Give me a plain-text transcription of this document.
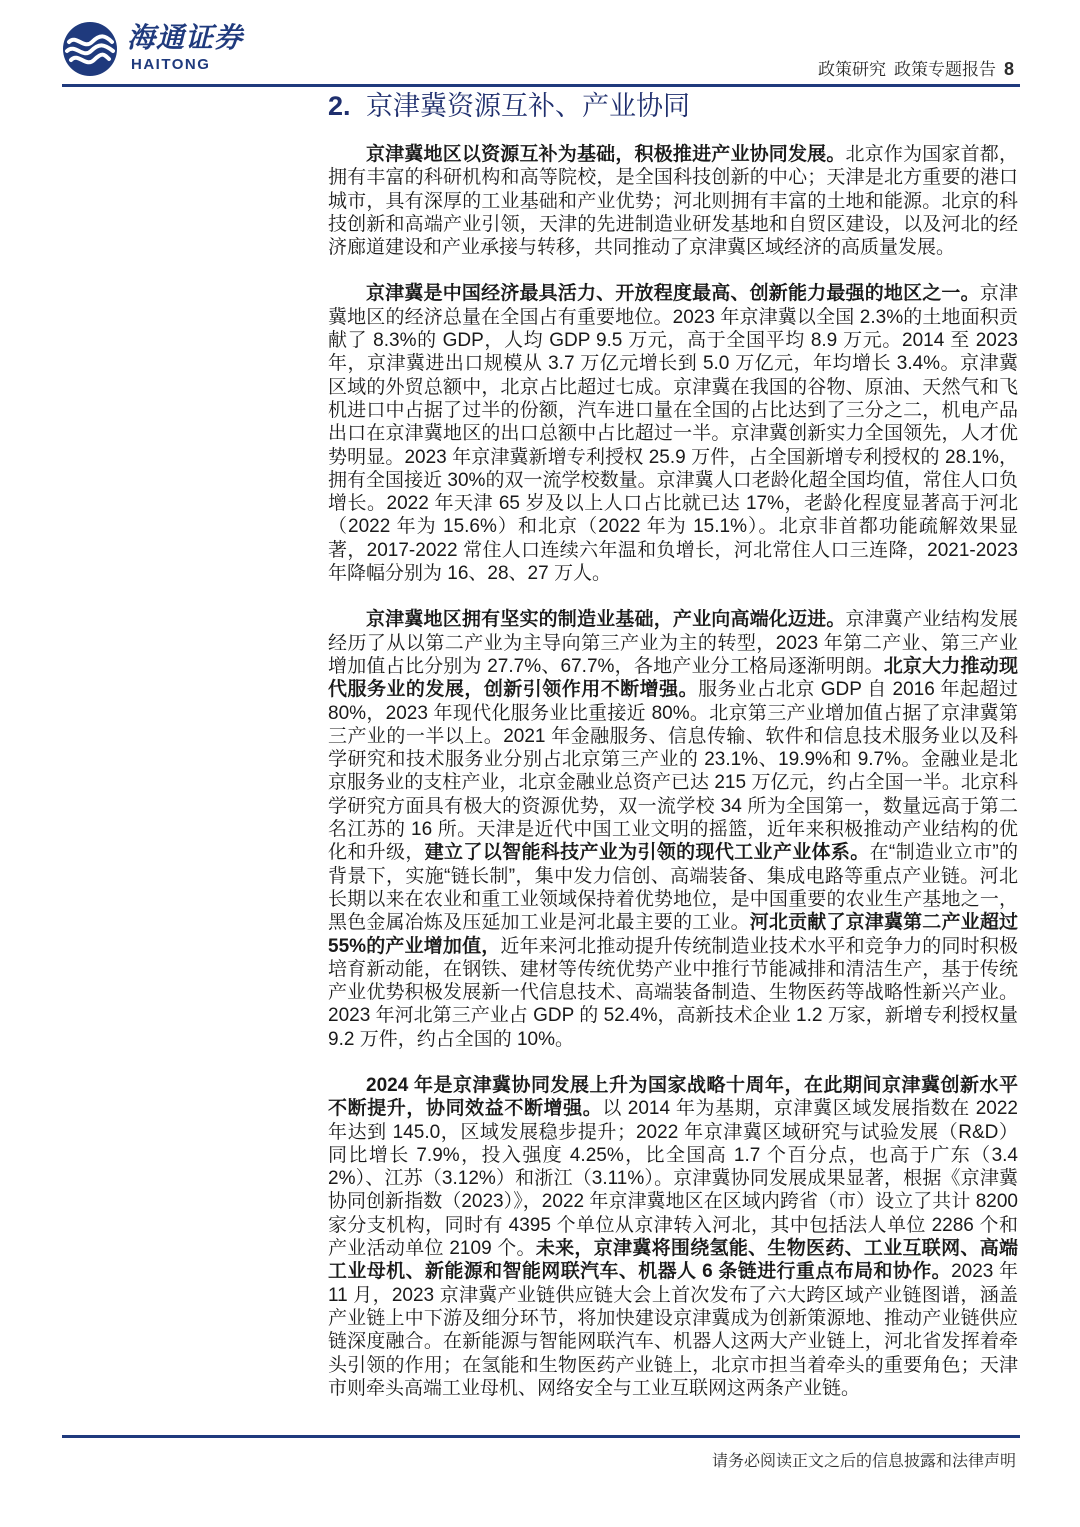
海通证券
HAITONG	政策研究 政策专题报告 8
2. 京津冀资源互补、产业协同

京津冀地区以资源互补为基础，积极推进产业协同发展。北京作为国家首都，拥有丰富的科研机构和高等院校，是全国科技创新的中心；天津是北方重要的港口城市，具有深厚的工业基础和产业优势；河北则拥有丰富的土地和能源。北京的科技创新和高端产业引领，天津的先进制造业研发基地和自贸区建设，以及河北的经济廊道建设和产业承接与转移，共同推动了京津冀区域经济的高质量发展。

京津冀是中国经济最具活力、开放程度最高、创新能力最强的地区之一。京津冀地区的经济总量在全国占有重要地位。2023 年京津冀以全国 2.3%的土地面积贡献了 8.3%的 GDP，人均 GDP 9.5 万元，高于全国平均 8.9 万元。2014 至 2023 年，京津冀进出口规模从 3.7 万亿元增长到 5.0 万亿元，年均增长 3.4%。京津冀区域的外贸总额中，北京占比超过七成。京津冀在我国的谷物、原油、天然气和飞机进口中占据了过半的份额，汽车进口量在全国的占比达到了三分之二，机电产品出口在京津冀地区的出口总额中占比超过一半。京津冀创新实力全国领先，人才优势明显。2023 年京津冀新增专利授权 25.9 万件，占全国新增专利授权的 28.1%，拥有全国接近 30%的双一流学校数量。京津冀人口老龄化超全国均值，常住人口负增长。2022 年天津 65 岁及以上人口占比就已达 17%，老龄化程度显著高于河北（2022 年为 15.6%）和北京（2022 年为 15.1%）。北京非首都功能疏解效果显著，2017-2022 常住人口连续六年温和负增长，河北常住人口三连降，2021-2023 年降幅分别为 16、28、27 万人。

京津冀地区拥有坚实的制造业基础，产业向高端化迈进。京津冀产业结构发展经历了从以第二产业为主导向第三产业为主的转型，2023 年第二产业、第三产业增加值占比分别为 27.7%、67.7%，各地产业分工格局逐渐明朗。北京大力推动现代服务业的发展，创新引领作用不断增强。服务业占北京 GDP 自 2016 年起超过 80%，2023 年现代化服务业比重接近 80%。北京第三产业增加值占据了京津冀第三产业的一半以上。2021 年金融服务、信息传输、软件和信息技术服务业以及科学研究和技术服务业分别占北京第三产业的 23.1%、19.9%和 9.7%。金融业是北京服务业的支柱产业，北京金融业总资产已达 215 万亿元，约占全国一半。北京科学研究方面具有极大的资源优势，双一流学校 34 所为全国第一，数量远高于第二名江苏的 16 所。天津是近代中国工业文明的摇篮，近年来积极推动产业结构的优化和升级，建立了以智能科技产业为引领的现代工业产业体系。在“制造业立市”的背景下，实施“链长制”，集中发力信创、高端装备、集成电路等重点产业链。河北长期以来在农业和重工业领域保持着优势地位，是中国重要的农业生产基地之一，黑色金属冶炼及压延加工业是河北最主要的工业。河北贡献了京津冀第二产业超过 55%的产业增加值，近年来河北推动提升传统制造业技术水平和竞争力的同时积极培育新动能，在钢铁、建材等传统优势产业中推行节能减排和清洁生产，基于传统产业优势积极发展新一代信息技术、高端装备制造、生物医药等战略性新兴产业。2023 年河北第三产业占 GDP 的 52.4%，高新技术企业 1.2 万家，新增专利授权量 9.2 万件，约占全国的 10%。

2024 年是京津冀协同发展上升为国家战略十周年，在此期间京津冀创新水平不断提升，协同效益不断增强。以 2014 年为基期，京津冀区域发展指数在 2022 年达到 145.0，区域发展稳步提升；2022 年京津冀区域研究与试验发展（R&D）同比增长 7.9%，投入强度 4.25%，比全国高 1.7 个百分点，也高于广东（3.42%）、江苏（3.12%）和浙江（3.11%）。京津冀协同发展成果显著，根据《京津冀协同创新指数（2023）》，2022 年京津冀地区在区域内跨省（市）设立了共计 8200 家分支机构，同时有 4395 个单位从京津转入河北，其中包括法人单位 2286 个和产业活动单位 2109 个。未来，京津冀将围绕氢能、生物医药、工业互联网、高端工业母机、新能源和智能网联汽车、机器人 6 条链进行重点布局和协作。2023 年 11 月，2023 京津冀产业链供应链大会上首次发布了六大跨区域产业链图谱，涵盖产业链上中下游及细分环节，将加快建设京津冀成为创新策源地、推动产业链供应链深度融合。在新能源与智能网联汽车、机器人这两大产业链上，河北省发挥着牵头引领的作用；在氢能和生物医药产业链上，北京市担当着牵头的重要角色；天津市则牵头高端工业母机、网络安全与工业互联网这两条产业链。

请务必阅读正文之后的信息披露和法律声明
